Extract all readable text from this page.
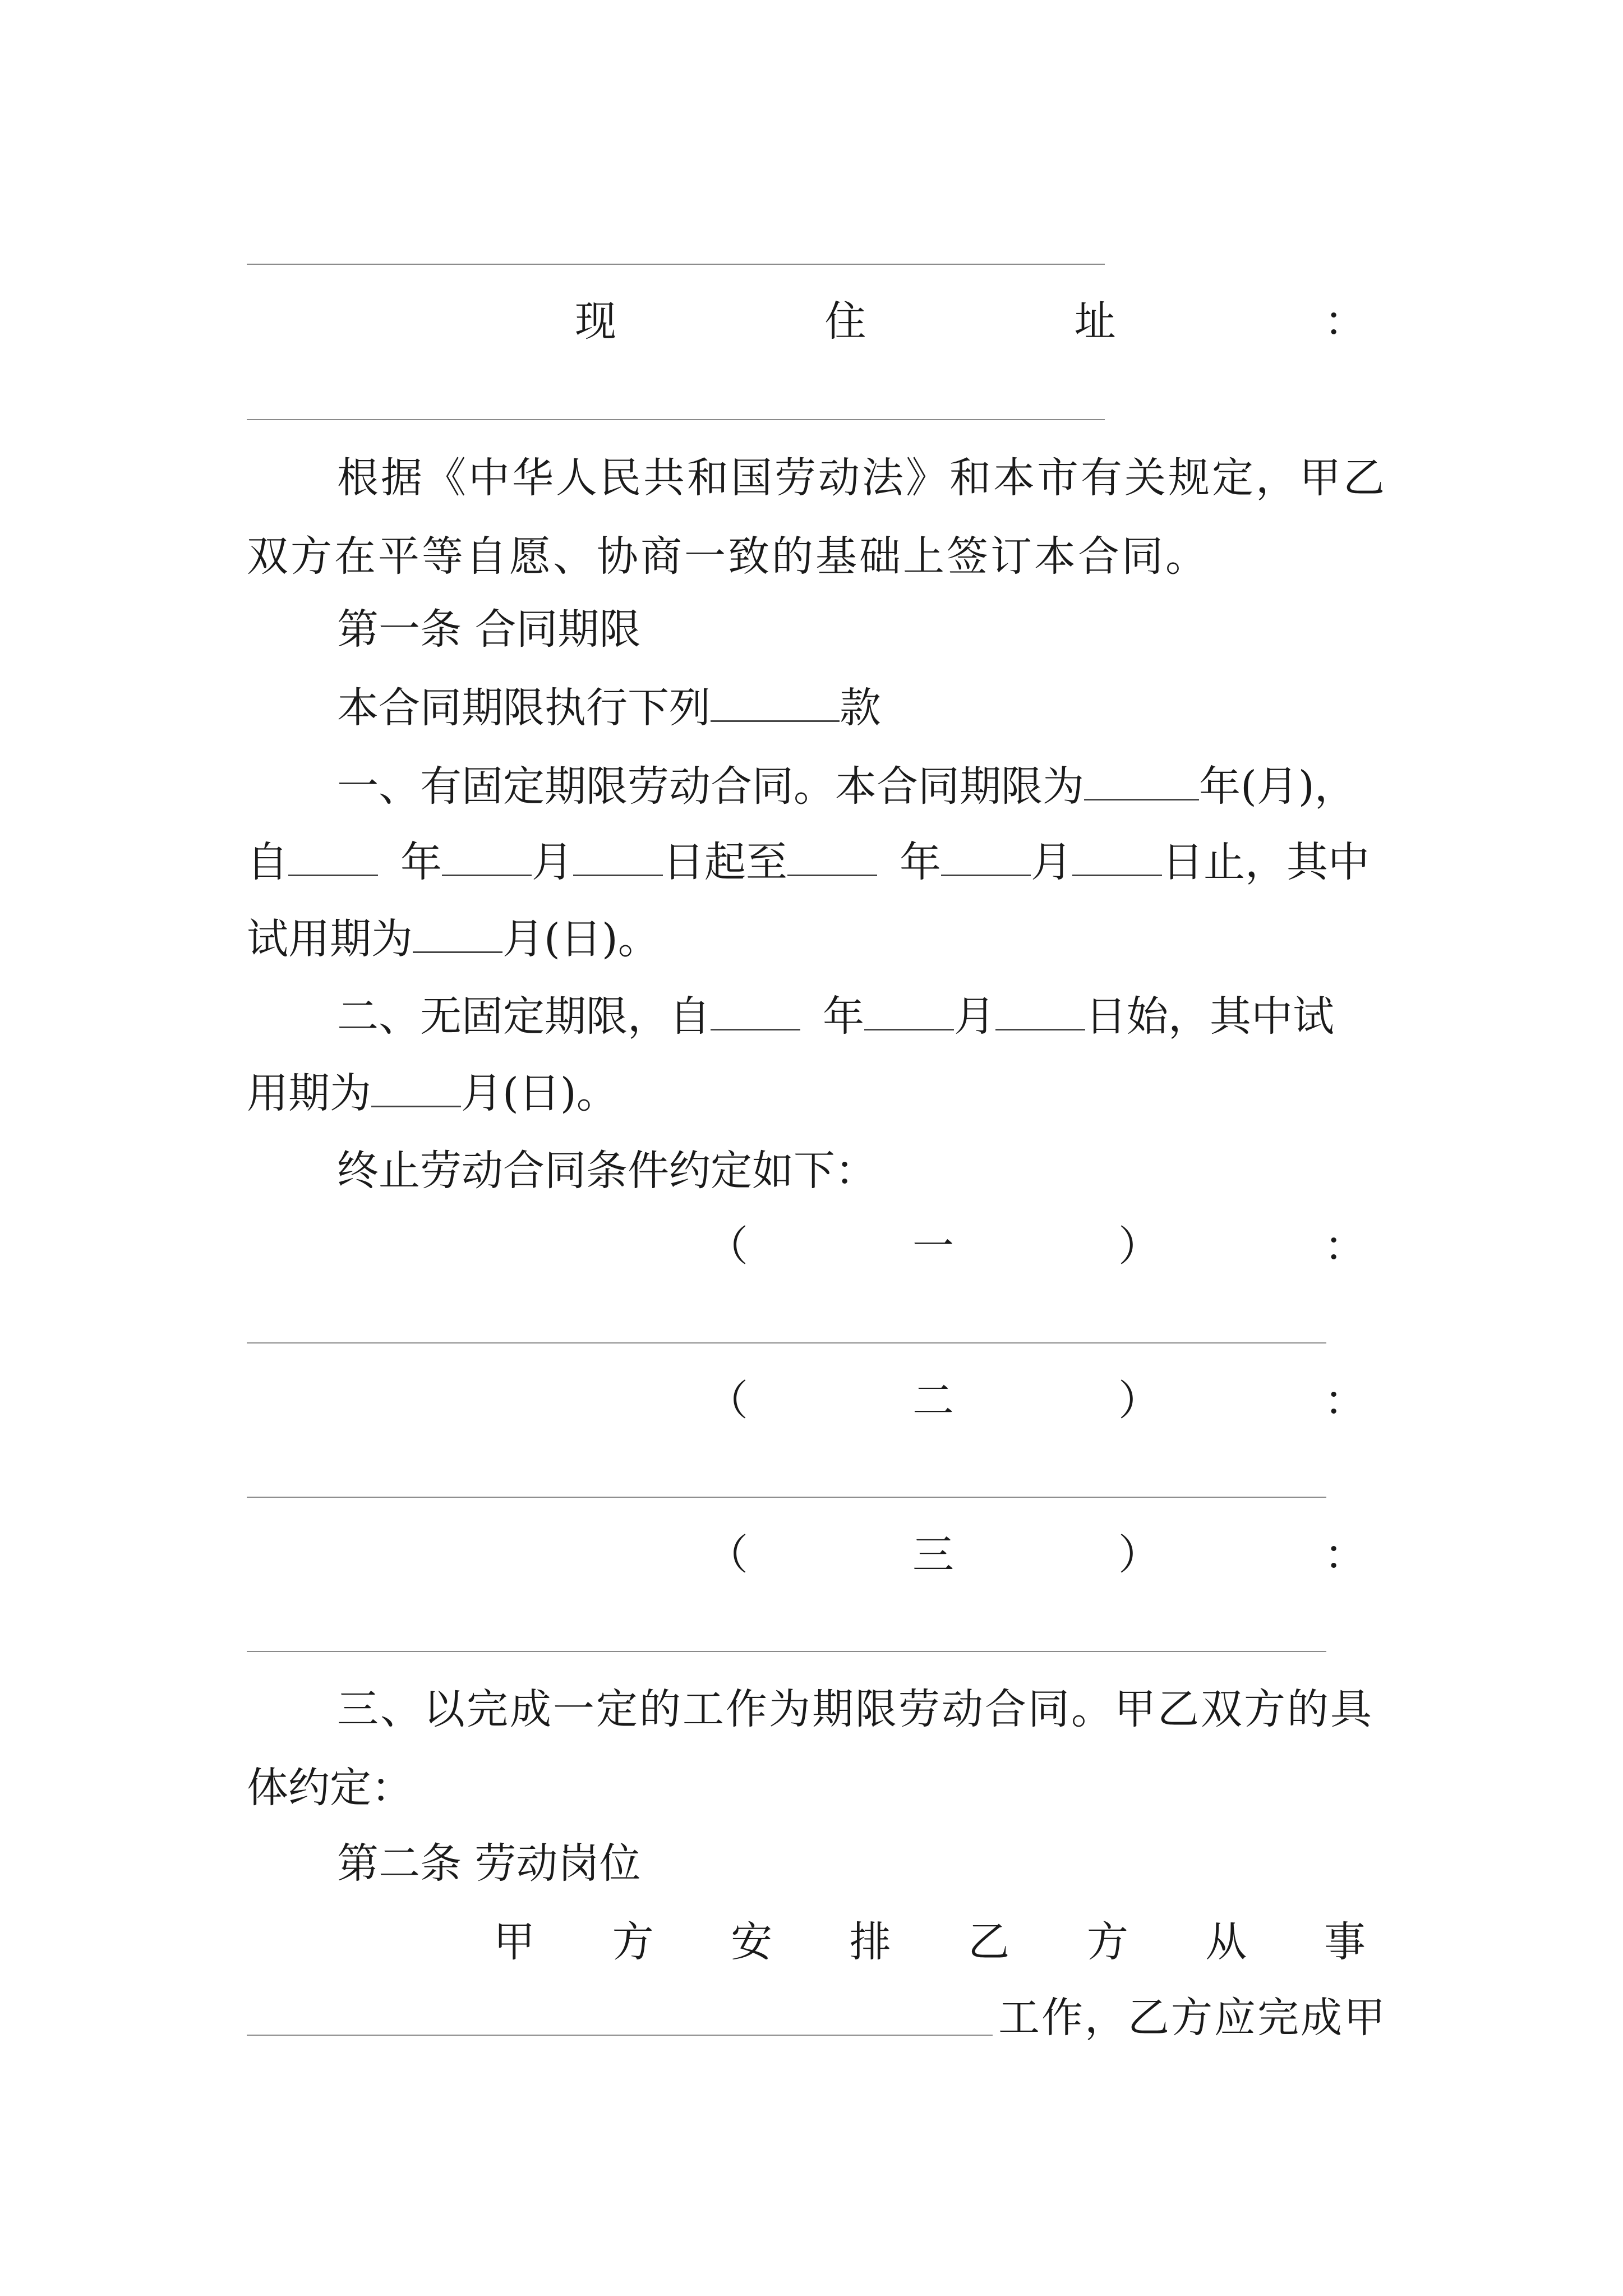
现	住	址	：
根据《中华人民共和国劳动法》和本市有关规定，甲乙
双方在平等自愿、协商一致的基础上签订本合同。
第一条 合同期限
本合同期限执行下列	款
一、有固定期限劳动合同。本合同期限为	年(月)，
自	年 月 日起至	年 月 日止，其中
试用期为 月(日)。
二、无固定期限，自	年 月 日始，其中试
用期为 月(日)。
终止劳动合同条件约定如下：
（	一	）	：
（	二	）	：
（	三	）	：
三、以完成一定的工作为期限劳动合同。甲乙双方的具
体约定：
第二条 劳动岗位
甲 方 安 排 乙 方 从 事
工作，乙方应完成甲
